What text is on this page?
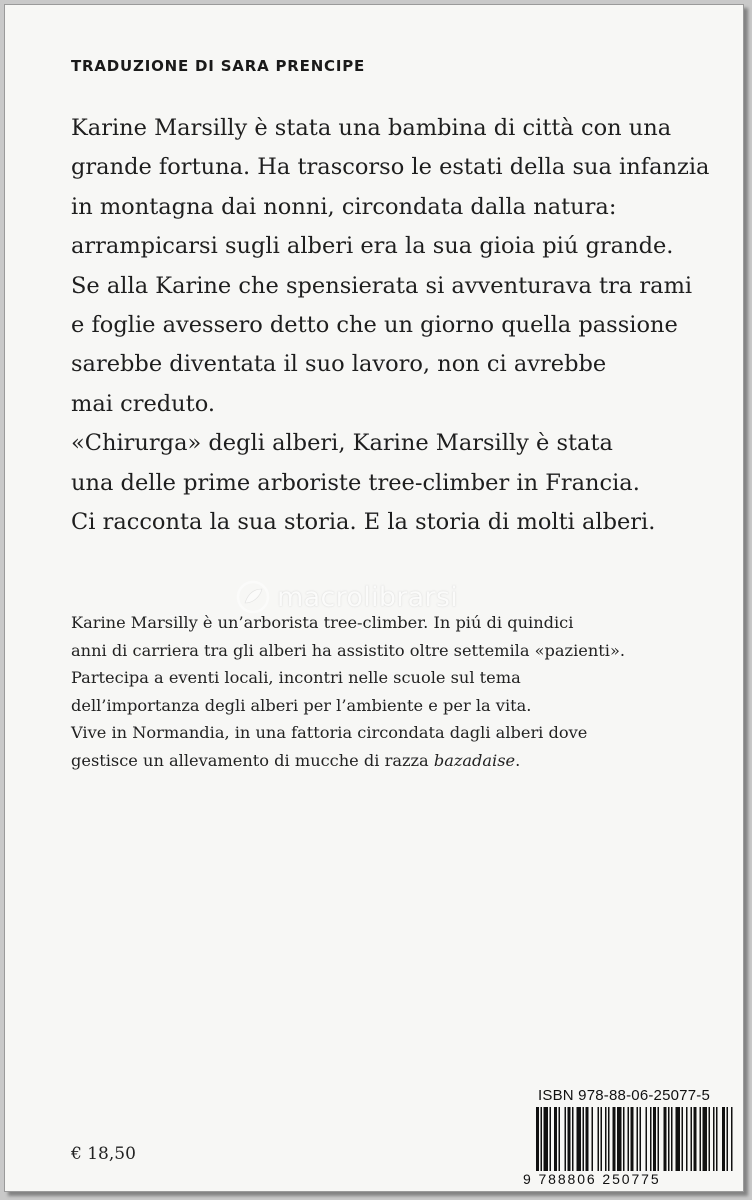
TRADUZIONE DI SARA PRENCIPE
Karine Marsilly è stata una bambina di città con una
grande fortuna. Ha trascorso le estati della sua infanzia
in montagna dai nonni, circondata dalla natura:
arrampicarsi sugli alberi era la sua gioia piú grande.
Se alla Karine che spensierata si avventurava tra rami
e foglie avessero detto che un giorno quella passione
sarebbe diventata il suo lavoro, non ci avrebbe
mai creduto.
«Chirurga» degli alberi, Karine Marsilly è stata
una delle prime arboriste tree-climber in Francia.
Ci racconta la sua storia. E la storia di molti alberi.
macrolibrarsi
Karine Marsilly è un’arborista tree-climber. In piú di quindici
anni di carriera tra gli alberi ha assistito oltre settemila «pazienti».
Partecipa a eventi locali, incontri nelle scuole sul tema
dell’importanza degli alberi per l’ambiente e per la vita.
Vive in Normandia, in una fattoria circondata dagli alberi dove
gestisce un allevamento di mucche di razza bazadaise.
ISBN 978-88-06-25077-5
9 788806 250775
€ 18,50
